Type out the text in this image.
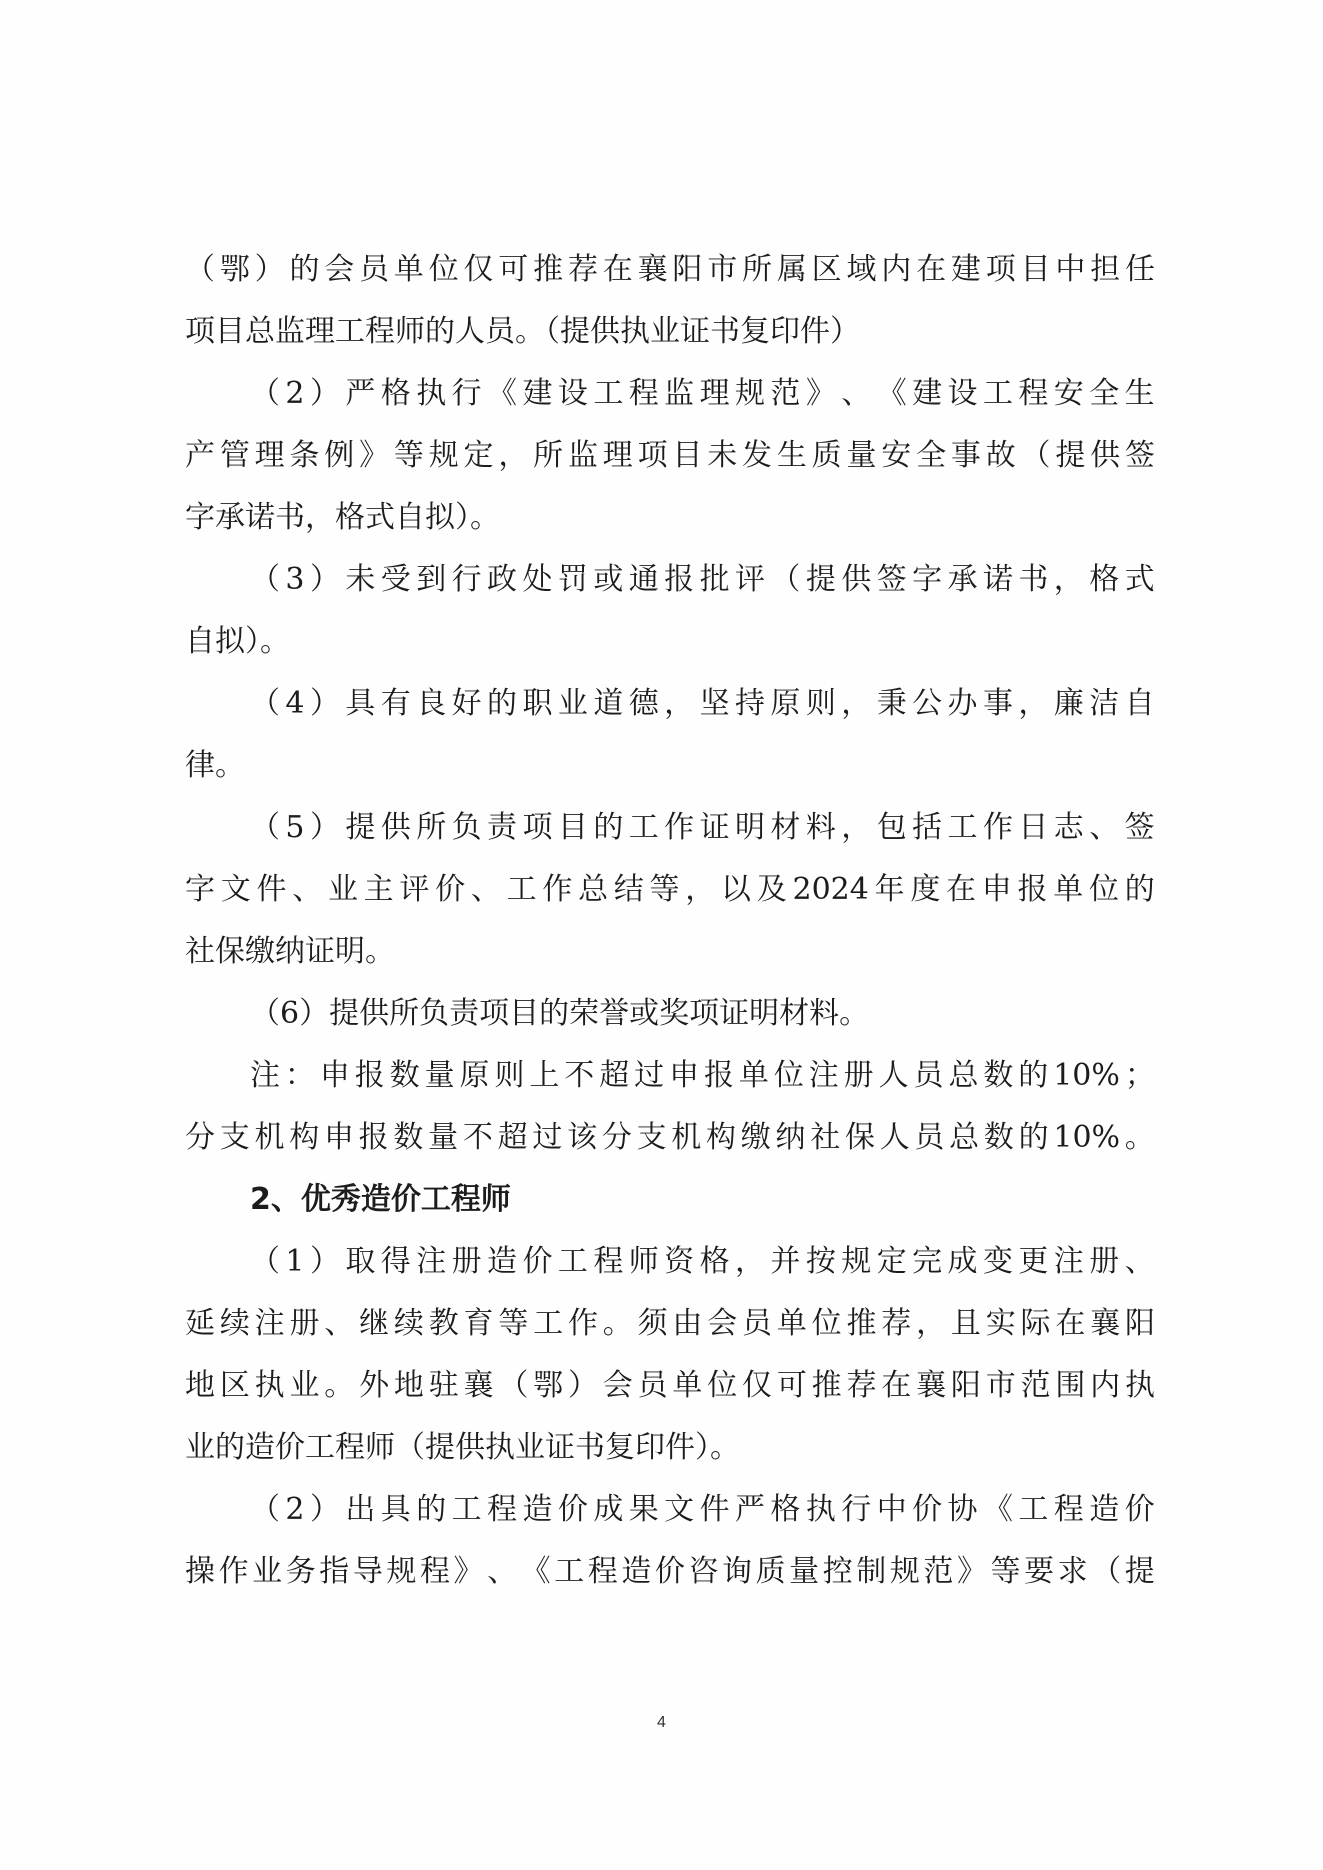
（ 鄂 ） 的 会 员 单 位 仅 可 推 荐 在 襄 阳 市 所 属 区 域 内 在 建 项 目 中 担 任
项目总监理工程师的人员。（提供执业证书复印件）
（ 2 ） 严 格 执 行 《 建 设 工 程 监 理 规 范 》 、 《 建 设 工 程 安 全 生
产 管 理 条 例 》 等 规 定 ， 所 监 理 项 目 未 发 生 质 量 安 全 事 故 （ 提 供 签
字承诺书，格式自拟）。
（ 3 ） 未 受 到 行 政 处 罚 或 通 报 批 评 （ 提 供 签 字 承 诺 书 ， 格 式
自拟）。
（ 4 ） 具 有 良 好 的 职 业 道 德 ， 坚 持 原 则 ， 秉 公 办 事 ， 廉 洁 自
律。
（ 5 ） 提 供 所 负 责 项 目 的 工 作 证 明 材 料 ， 包 括 工 作 日 志 、 签
字 文 件 、 业 主 评 价 、 工 作 总 结 等 ， 以 及 2024 年 度 在 申 报 单 位 的
社保缴纳证明。
（6）提供所负责项目的荣誉或奖项证明材料。
注 ： 申 报 数 量 原 则 上 不 超 过 申 报 单 位 注 册 人 员 总 数 的 10% ；
分 支 机 构 申 报 数 量 不 超 过 该 分 支 机 构 缴 纳 社 保 人 员 总 数 的 10% 。
2、优秀造价工程师
（ 1 ） 取 得 注 册 造 价 工 程 师 资 格 ， 并 按 规 定 完 成 变 更 注 册 、
延 续 注 册 、 继 续 教 育 等 工 作 。 须 由 会 员 单 位 推 荐 ， 且 实 际 在 襄 阳
地 区 执 业 。 外 地 驻 襄 （ 鄂 ） 会 员 单 位 仅 可 推 荐 在 襄 阳 市 范 围 内 执
业的造价工程师（提供执业证书复印件）。
（ 2 ） 出 具 的 工 程 造 价 成 果 文 件 严 格 执 行 中 价 协 《 工 程 造 价
操 作 业 务 指 导 规 程 》 、 《 工 程 造 价 咨 询 质 量 控 制 规 范 》 等 要 求 （ 提
4
